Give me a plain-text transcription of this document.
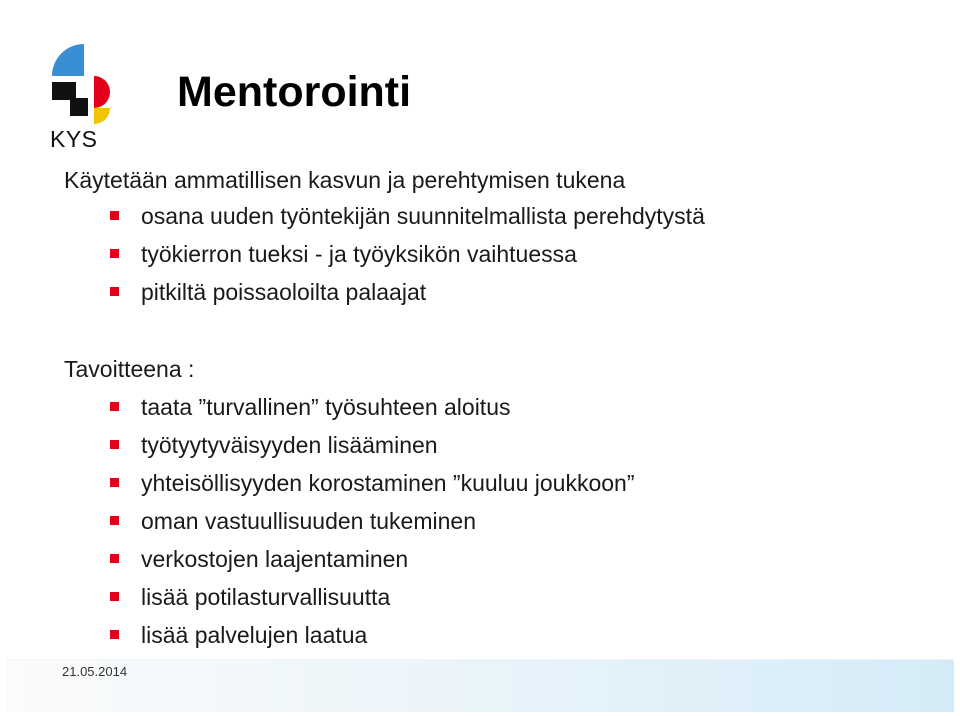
KYS
Mentorointi

Käytetään ammatillisen kasvun ja perehtymisen tukena

osana uuden työntekijän suunnitelmallista perehdytystä
työkierron tueksi - ja työyksikön vaihtuessa
pitkiltä poissaoloilta palaajat

Tavoitteena :

taata ”turvallinen” työsuhteen aloitus
työtyytyväisyyden lisääminen
yhteisöllisyyden korostaminen ”kuuluu joukkoon”
oman vastuullisuuden tukeminen
verkostojen laajentaminen
lisää potilasturvallisuutta
lisää palvelujen laatua
21.05.2014
